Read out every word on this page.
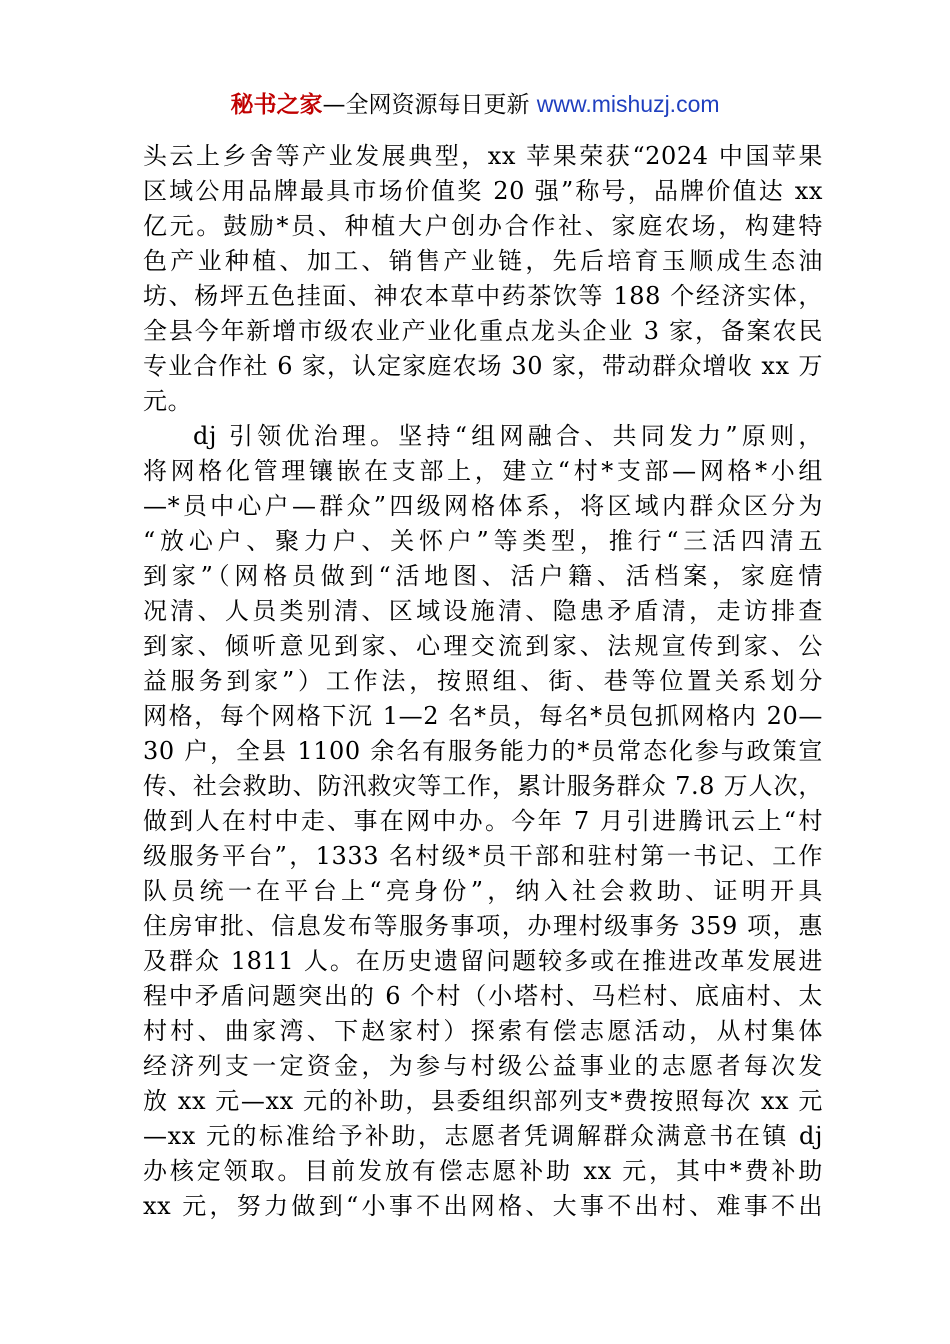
秘书之家—全网资源每日更新 www.mishuzj.com
头云上乡舍等产业发展典型，xx 苹果荣获“2024 中国苹果
区域公用品牌最具市场价值奖 20 强”称号，品牌价值达 xx
亿元。鼓励*员、种植大户创办合作社、家庭农场，构建特
色产业种植、加工、销售产业链，先后培育玉顺成生态油
坊、杨坪五色挂面、神农本草中药茶饮等 188 个经济实体，
全县今年新增市级农业产业化重点龙头企业 3 家，备案农民
专业合作社 6 家，认定家庭农场 30 家，带动群众增收 xx 万
元。
dj 引领优治理。坚持“组网融合、共同发力”原则，
将网格化管理镶嵌在支部上，建立“村*支部—网格*小组
—*员中心户—群众”四级网格体系，将区域内群众区分为
“放心户、聚力户、关怀户”等类型，推行“三活四清五
到家”（网格员做到“活地图、活户籍、活档案，家庭情
况清、人员类别清、区域设施清、隐患矛盾清，走访排查
到家、倾听意见到家、心理交流到家、法规宣传到家、公
益服务到家”）工作法，按照组、街、巷等位置关系划分
网格，每个网格下沉 1—2 名*员，每名*员包抓网格内 20—
30 户，全县 1100 余名有服务能力的*员常态化参与政策宣
传、社会救助、防汛救灾等工作，累计服务群众 7.8 万人次，
做到人在村中走、事在网中办。今年 7 月引进腾讯云上“村
级服务平台”，1333 名村级*员干部和驻村第一书记、工作
队员统一在平台上“亮身份”，纳入社会救助、证明开具
住房审批、信息发布等服务事项，办理村级事务 359 项，惠
及群众 1811 人。在历史遗留问题较多或在推进改革发展进
程中矛盾问题突出的 6 个村（小塔村、马栏村、底庙村、太
村村、曲家湾、下赵家村）探索有偿志愿活动，从村集体
经济列支一定资金，为参与村级公益事业的志愿者每次发
放 xx 元—xx 元的补助，县委组织部列支*费按照每次 xx 元
—xx 元的标准给予补助，志愿者凭调解群众满意书在镇 dj
办核定领取。目前发放有偿志愿补助 xx 元，其中*费补助
xx 元，努力做到“小事不出网格、大事不出村、难事不出
